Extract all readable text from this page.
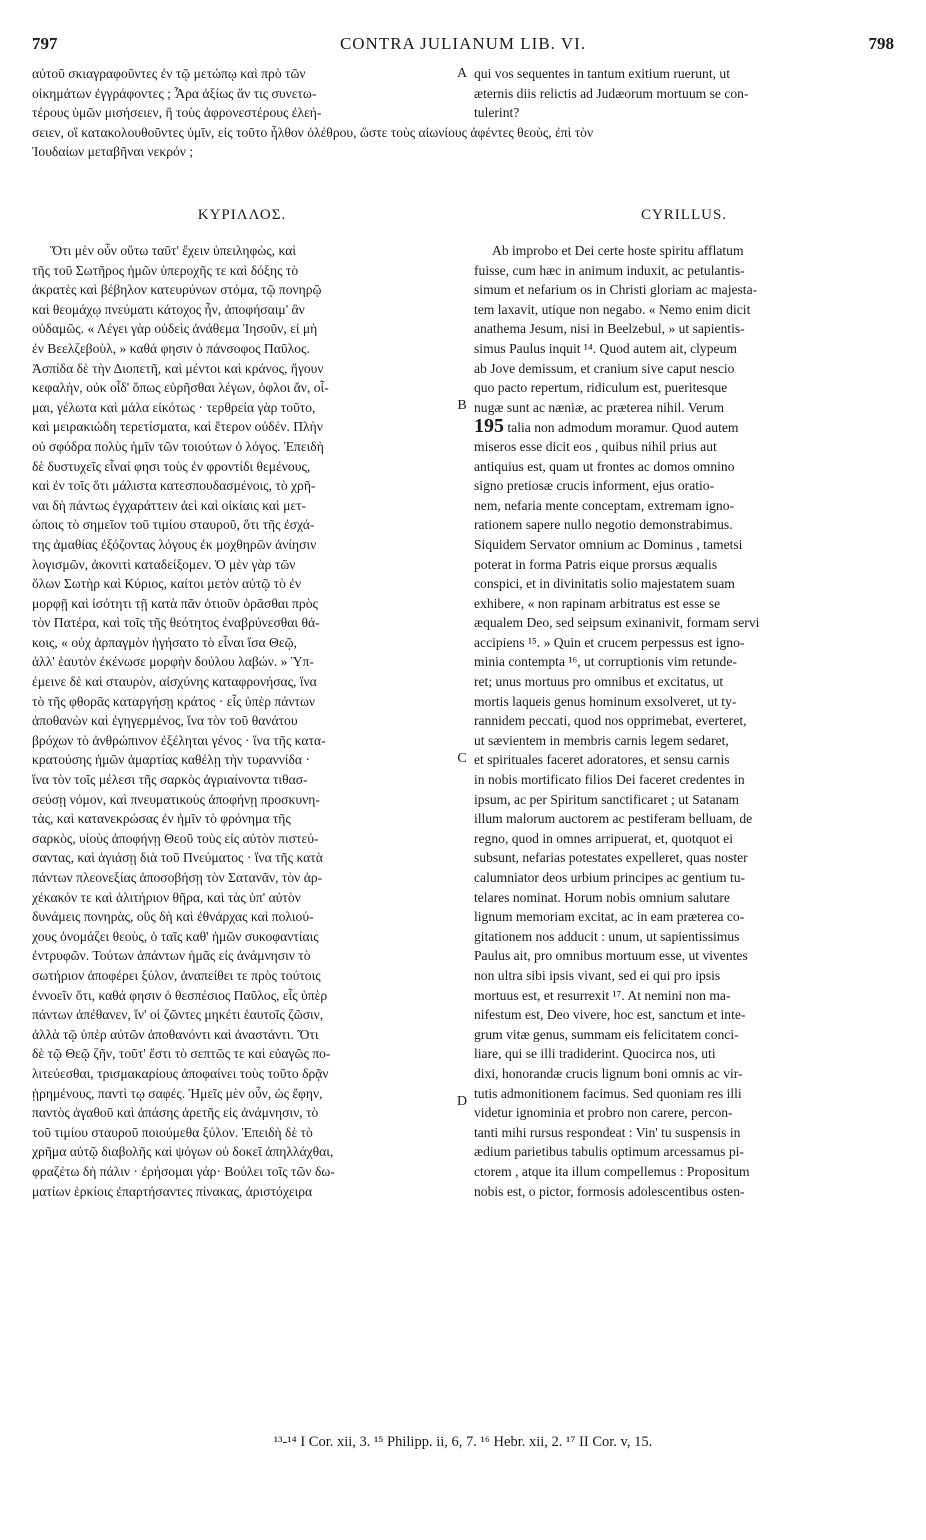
797	CONTRA JULIANUM LIB. VI.	798
αὐτοῦ σκιαγραφοῦντες ἐν τῷ μετώπῳ καὶ πρὸ τῶν
οἰκημάτων ἐγγράφοντες ; Ἆρα ἀξίως ἄν τις συνετω-
τέρους ὑμῶν μισήσειεν, ἢ τοὺς ἀφρονεστέρους ἐλεή-
σειεν, οἳ κατακολουθοῦντες ὑμῖν, εἰς τοῦτο ἦλθον ὀλέθρου, ὥστε τοὺς αἰωνίους ἀφέντες θεοὺς, ἐπὶ τὸν
Ἰουδαίων μεταβῆναι νεκρόν ;
qui vos sequentes in tantum exitium ruerunt, ut
æternis diis relictis ad Judæorum mortuum se con-
tulerint?
ΚΥΡΙΛΛΟΣ.	CYRILLUS.
A
B
C
D
Ὅτι μὲν οὖν οὕτω ταῦτ' ἔχειν ὑπειληφὼς, καὶ
τῆς τοῦ Σωτῆρος ἡμῶν ὑπεροχῆς τε καὶ δόξης τὸ
ἀκρατὲς καὶ βέβηλον κατευρύνων στόμα, τῷ πονηρῷ
καὶ θεομάχῳ πνεύματι κάτοχος ἦν, ἀποφήσαιμ' ἂν
οὐδαμῶς. « Λέγει γὰρ οὐδεὶς ἀνάθεμα Ἰησοῦν, εἰ μὴ
ἐν Βεελζεβοὺλ, » καθά φησιν ὁ πάνσοφος Παῦλος.
Ἀσπίδα δὲ τὴν Διοπετῆ, καὶ μέντοι καὶ κράνος, ἤγουν
κεφαλὴν, οὐκ οἶδ' ὅπως εὑρῆσθαι λέγων, ὀφλοι ἄν, οἶ-
μαι, γέλωτα καὶ μάλα εἰκότως · τερθρεία γὰρ τοῦτο,
καὶ μειρακιώδη τερετίσματα, καὶ ἕτερον οὐδέν. Πλὴν
οὐ σφόδρα πολὺς ἡμῖν τῶν τοιούτων ὁ λόγος. Ἐπειδὴ
δὲ δυστυχεῖς εἶναί φησι τοὺς ἐν φροντίδι θεμένους,
καὶ ἐν τοῖς ὅτι μάλιστα κατεσπουδασμένοις, τὸ χρῆ-
ναι δὴ πάντως ἐγχαράττειν ἀεὶ καὶ οἰκίαις καὶ μετ-
ώποις τὸ σημεῖον τοῦ τιμίου σταυροῦ, ὅτι τῆς ἐσχά-
της ἀμαθίας ἐξόζοντας λόγους ἐκ μοχθηρῶν ἀνίησιν
λογισμῶν, ἀκονιτὶ καταδείξομεν. Ὁ μὲν γὰρ τῶν
ὅλων Σωτὴρ καὶ Κύριος, καίτοι μετὸν αὐτῷ τὸ ἐν
μορφῇ καὶ ἰσότητι τῇ κατὰ πᾶν ὁτιοῦν ὁρᾶσθαι πρὸς
τὸν Πατέρα, καὶ τοῖς τῆς θεότητος ἐναβρύνεσθαι θά-
κοις, « οὐχ ἁρπαγμὸν ἡγήσατο τὸ εἶναι ἴσα Θεῷ,
ἀλλ' ἑαυτὸν ἐκένωσε μορφὴν δούλου λαβών. » Ὑπ-
έμεινε δὲ καὶ σταυρὸν, αἰσχύνης καταφρονήσας, ἵνα
τὸ τῆς φθορᾶς καταργήσῃ κράτος · εἷς ὑπὲρ πάντων
ἀποθανὼν καὶ ἐγηγερμένος, ἵνα τὸν τοῦ θανάτου
βρόχων τὸ ἀνθρώπινον ἐξέληται γένος · ἵνα τῆς κατα-
κρατούσης ἡμῶν ἁμαρτίας καθέλῃ τὴν τυραννίδα ·
ἵνα τὸν τοῖς μέλεσι τῆς σαρκὸς ἀγριαίνοντα τιθασ-
σεύσῃ νόμον, καὶ πνευματικοὺς ἀποφήνῃ προσκυνη-
τὰς, καὶ κατανεκρώσας ἐν ἡμῖν τὸ φρόνημα τῆς
σαρκὸς, υἱοὺς ἀποφήνῃ Θεοῦ τοὺς εἰς αὐτὸν πιστεύ-
σαντας, καὶ ἁγιάσῃ διὰ τοῦ Πνεύματος · ἵνα τῆς κατὰ
πάντων πλεονεξίας ἀποσοβήσῃ τὸν Σατανᾶν, τὸν ἀρ-
χέκακόν τε καὶ ἀλιτήριον θῆρα, καὶ τὰς ὑπ' αὐτὸν
δυνάμεις πονηρὰς, οὓς δὴ καὶ ἐθνάρχας καὶ πολιού-
χους ὀνομάζει θεοὺς, ὁ ταῖς καθ' ἡμῶν συκοφαντίαις
ἐντρυφῶν. Τούτων ἁπάντων ἡμᾶς εἰς ἀνάμνησιν τὸ
σωτήριον ἀποφέρει ξύλον, ἀναπείθει τε πρὸς τούτοις
ἐννοεῖν ὅτι, καθά φησιν ὁ θεσπέσιος Παῦλος, εἷς ὑπὲρ
πάντων ἀπέθανεν, ἵν' οἱ ζῶντες μηκέτι ἑαυτοῖς ζῶσιν,
ἀλλὰ τῷ ὑπὲρ αὐτῶν ἀποθανόντι καὶ ἀναστάντι. Ὅτι
δὲ τῷ Θεῷ ζῆν, τοῦτ' ἔστι τὸ σεπτῶς τε καὶ εὐαγῶς πο-
λιτεύεσθαι, τρισμακαρίους ἀποφαίνει τοὺς τοῦτο δρᾷν
ᾑρημένους, παντὶ τῳ σαφές. Ἡμεῖς μὲν οὖν, ὡς ἔφην,
παντὸς ἀγαθοῦ καὶ ἁπάσης ἀρετῆς εἰς ἀνάμνησιν, τὸ
τοῦ τιμίου σταυροῦ ποιούμεθα ξύλον. Ἐπειδὴ δὲ τὸ
χρῆμα αὐτῷ διαβολῆς καὶ ψόγων οὐ δοκεῖ ἀπηλλάχθαι,
φραζέτω δὴ πάλιν · ἐρήσομαι γάρ· Βούλει τοῖς τῶν δω-
ματίων ἑρκίοις ἐπαρτήσαντες πίνακας, ἀριστόχειρα
Ab improbo et Dei certe hoste spiritu afflatum
fuisse, cum hæc in animum induxit, ac petulantis-
simum et nefarium os in Christi gloriam ac majesta-
tem laxavit, utique non negabo. « Nemo enim dicit
anathema Jesum, nisi in Beelzebul, » ut sapientis-
simus Paulus inquit ¹⁴. Quod autem ait, clypeum
ab Jove demissum, et cranium sive caput nescio
quo pacto repertum, ridiculum est, pueritesque
nugæ sunt ac næniæ, ac præterea nihil. Verum
195 talia non admodum moramur. Quod autem
miseros esse dicit eos , quibus nihil prius aut
antiquius est, quam ut frontes ac domos omnino
signo pretiosæ crucis informent, ejus oratio-
nem, nefaria mente conceptam, extremam igno-
rationem sapere nullo negotio demonstrabimus.
Siquidem Servator omnium ac Dominus , tametsi
poterat in forma Patris eique prorsus æqualis
conspici, et in divinitatis solio majestatem suam
exhibere, « non rapinam arbitratus est esse se
æqualem Deo, sed seipsum exinanivit, formam servi
accipiens ¹⁵. » Quin et crucem perpessus est igno-
minia contempta ¹⁶, ut corruptionis vim retunde-
ret; unus mortuus pro omnibus et excitatus, ut
mortis laqueis genus hominum exsolveret, ut ty-
rannidem peccati, quod nos opprimebat, everteret,
ut sævientem in membris carnis legem sedaret,
et spirituales faceret adoratores, et sensu carnis
in nobis mortificato filios Dei faceret credentes in
ipsum, ac per Spiritum sanctificaret ; ut Satanam
illum malorum auctorem ac pestiferam belluam, de
regno, quod in omnes arripuerat, et, quotquot ei
subsunt, nefarias potestates expelleret, quas noster
calumniator deos urbium principes ac gentium tu-
telares nominat. Horum nobis omnium salutare
lignum memoriam excitat, ac in eam præterea co-
gitationem nos adducit : unum, ut sapientissimus
Paulus ait, pro omnibus mortuum esse, ut viventes
non ultra sibi ipsis vivant, sed ei qui pro ipsis
mortuus est, et resurrexit ¹⁷. At nemini non ma-
nifestum est, Deo vivere, hoc est, sanctum et inte-
grum vitæ genus, summam eis felicitatem conci-
liare, qui se illi tradiderint. Quocirca nos, uti
dixi, honorandæ crucis lignum boni omnis ac vir-
tutis admonitionem facimus. Sed quoniam res illi
videtur ignominia et probro non carere, percon-
tanti mihi rursus respondeat : Vin' tu suspensis in
ædium parietibus tabulis optimum arcessamus pi-
ctorem , atque ita illum compellemus : Propositum
nobis est, o pictor, formosis adolescentibus osten-
¹³-¹⁴ I Cor. xii, 3. ¹⁵ Philipp. ii, 6, 7. ¹⁶ Hebr. xii, 2. ¹⁷ II Cor. v, 15.
